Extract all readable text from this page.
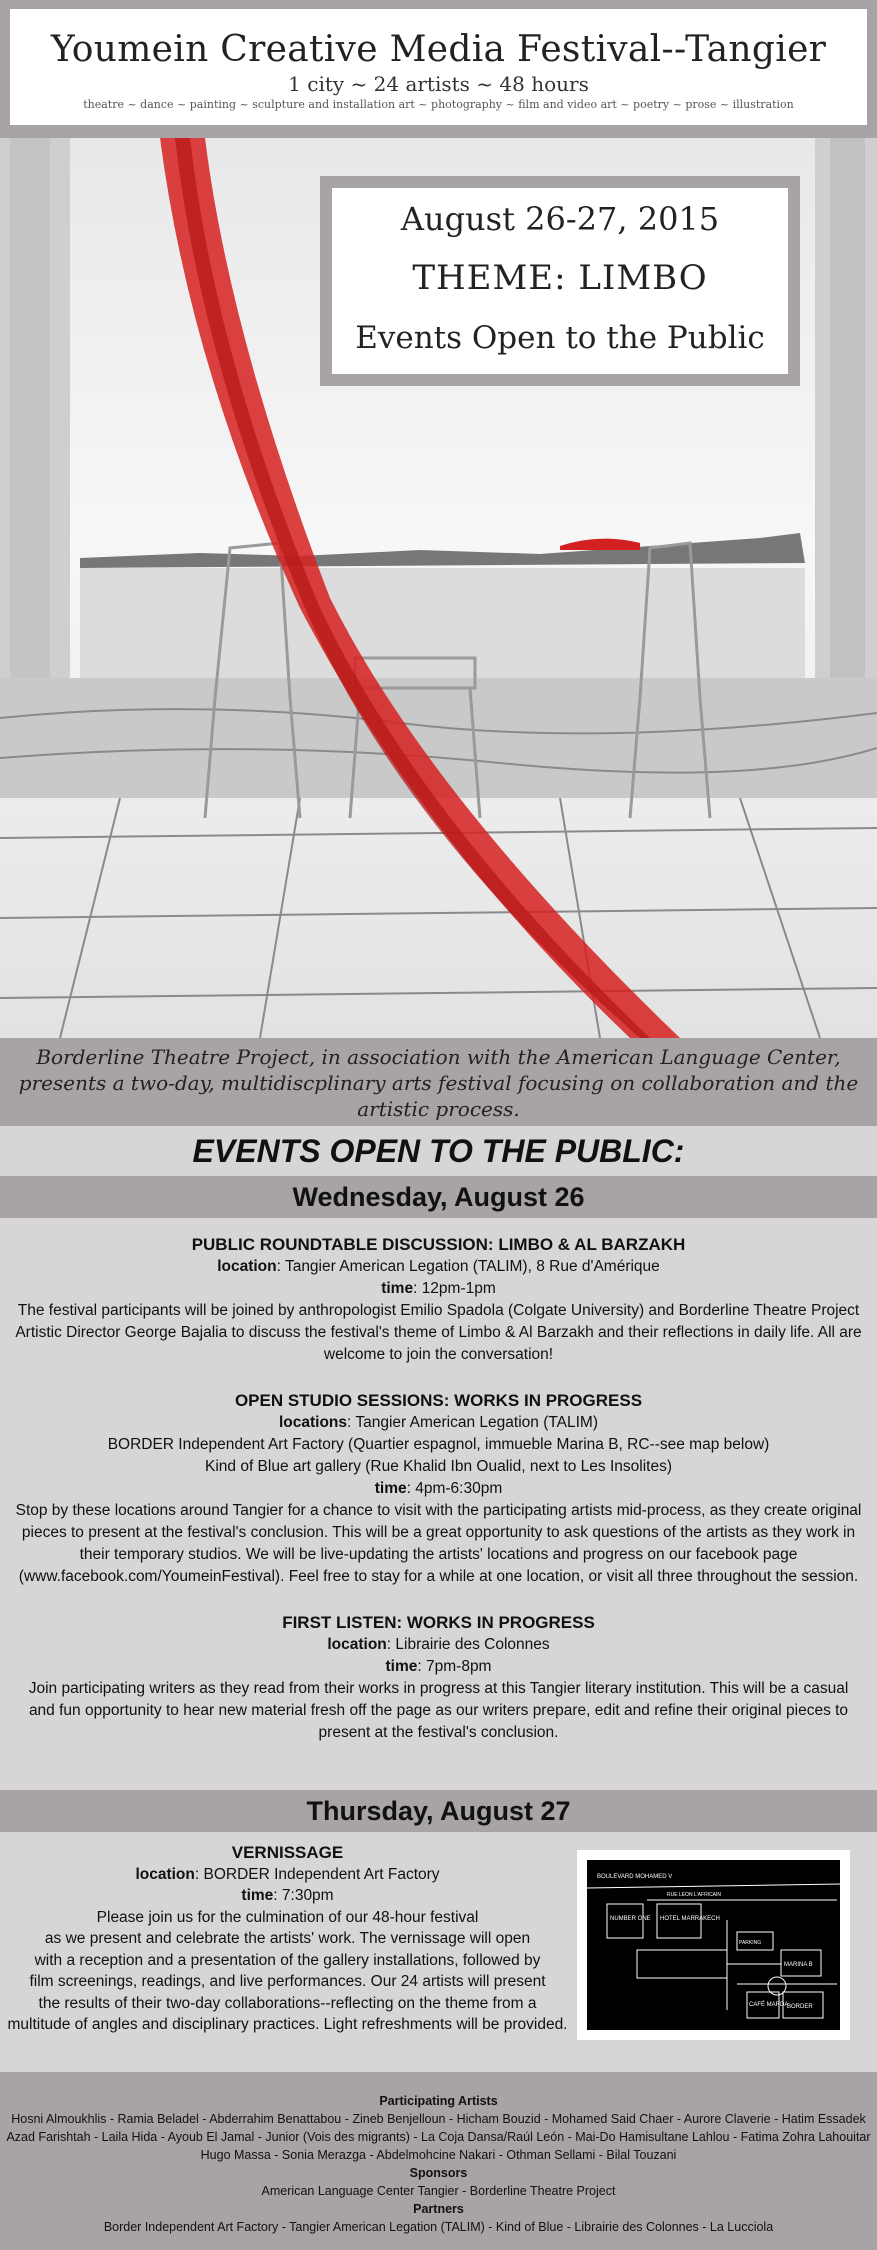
Youmein Creative Media Festival--Tangier
1 city ~ 24 artists ~ 48 hours
theatre ~ dance ~ painting ~ sculpture and installation art ~ photography ~ film and video art ~ poetry ~ prose ~ illustration
August 26-27, 2015
THEME: LIMBO
Events Open to the Public
Borderline Theatre Project, in association with the American Language Center, presents a two-day, multidiscplinary arts festival focusing on collaboration and the artistic process.
EVENTS OPEN TO THE PUBLIC:
Wednesday, August 26
PUBLIC ROUNDTABLE DISCUSSION: LIMBO & AL BARZAKH

location: Tangier American Legation (TALIM), 8 Rue d'Amérique

time: 12pm-1pm

The festival participants will be joined by anthropologist Emilio Spadola (Colgate University) and Borderline Theatre Project Artistic Director George Bajalia to discuss the festival's theme of Limbo & Al Barzakh and their reflections in daily life. All are welcome to join the conversation!

OPEN STUDIO SESSIONS: WORKS IN PROGRESS

locations: Tangier American Legation (TALIM)

BORDER Independent Art Factory (Quartier espagnol, immueble Marina B, RC--see map below)

Kind of Blue art gallery (Rue Khalid Ibn Oualid, next to Les Insolites)

time: 4pm-6:30pm

Stop by these locations around Tangier for a chance to visit with the participating artists mid-process, as they create original pieces to present at the festival's conclusion. This will be a great opportunity to ask questions of the artists as they work in their temporary studios. We will be live-updating the artists' locations and progress on our facebook page (www.facebook.com/YoumeinFestival). Feel free to stay for a while at one location, or visit all three throughout the session.

FIRST LISTEN: WORKS IN PROGRESS

location: Librairie des Colonnes

time: 7pm-8pm

Join participating writers as they read from their works in progress at this Tangier literary institution. This will be a casual and fun opportunity to hear new material fresh off the page as our writers prepare, edit and refine their original pieces to present at the festival's conclusion.

Thursday, August 27
VERNISSAGE

location: BORDER Independent Art Factory

time: 7:30pm

Please join us for the culmination of our 48-hour festival

as we present and celebrate the artists' work. The vernissage will open

with a reception and a presentation of the gallery installations, followed by

film screenings, readings, and live performances. Our 24 artists will present

the results of their two-day collaborations--reflecting on the theme from a

multitude of angles and disciplinary practices. Light refreshments will be provided.

BOULEVARD MOHAMED V
RUE LEON L'AFRICAIN
NUMBER ONE HOTEL MARRAKECH
PARKING
MARINA B
CAFÉ MARDA
BORDER
Participating Artists
Hosni Almoukhlis - Ramia Beladel - Abderrahim Benattabou - Zineb Benjelloun - Hicham Bouzid - Mohamed Said Chaer - Aurore Claverie - Hatim Essadek
Azad Farishtah - Laila Hida - Ayoub El Jamal - Junior (Vois des migrants) - La Coja Dansa/Raúl León - Mai-Do Hamisultane Lahlou - Fatima Zohra Lahouitar
Hugo Massa - Sonia Merazga - Abdelmohcine Nakari - Othman Sellami - Bilal Touzani
Sponsors
American Language Center Tangier - Borderline Theatre Project
Partners
Border Independent Art Factory - Tangier American Legation (TALIM) - Kind of Blue - Librairie des Colonnes - La Lucciola
